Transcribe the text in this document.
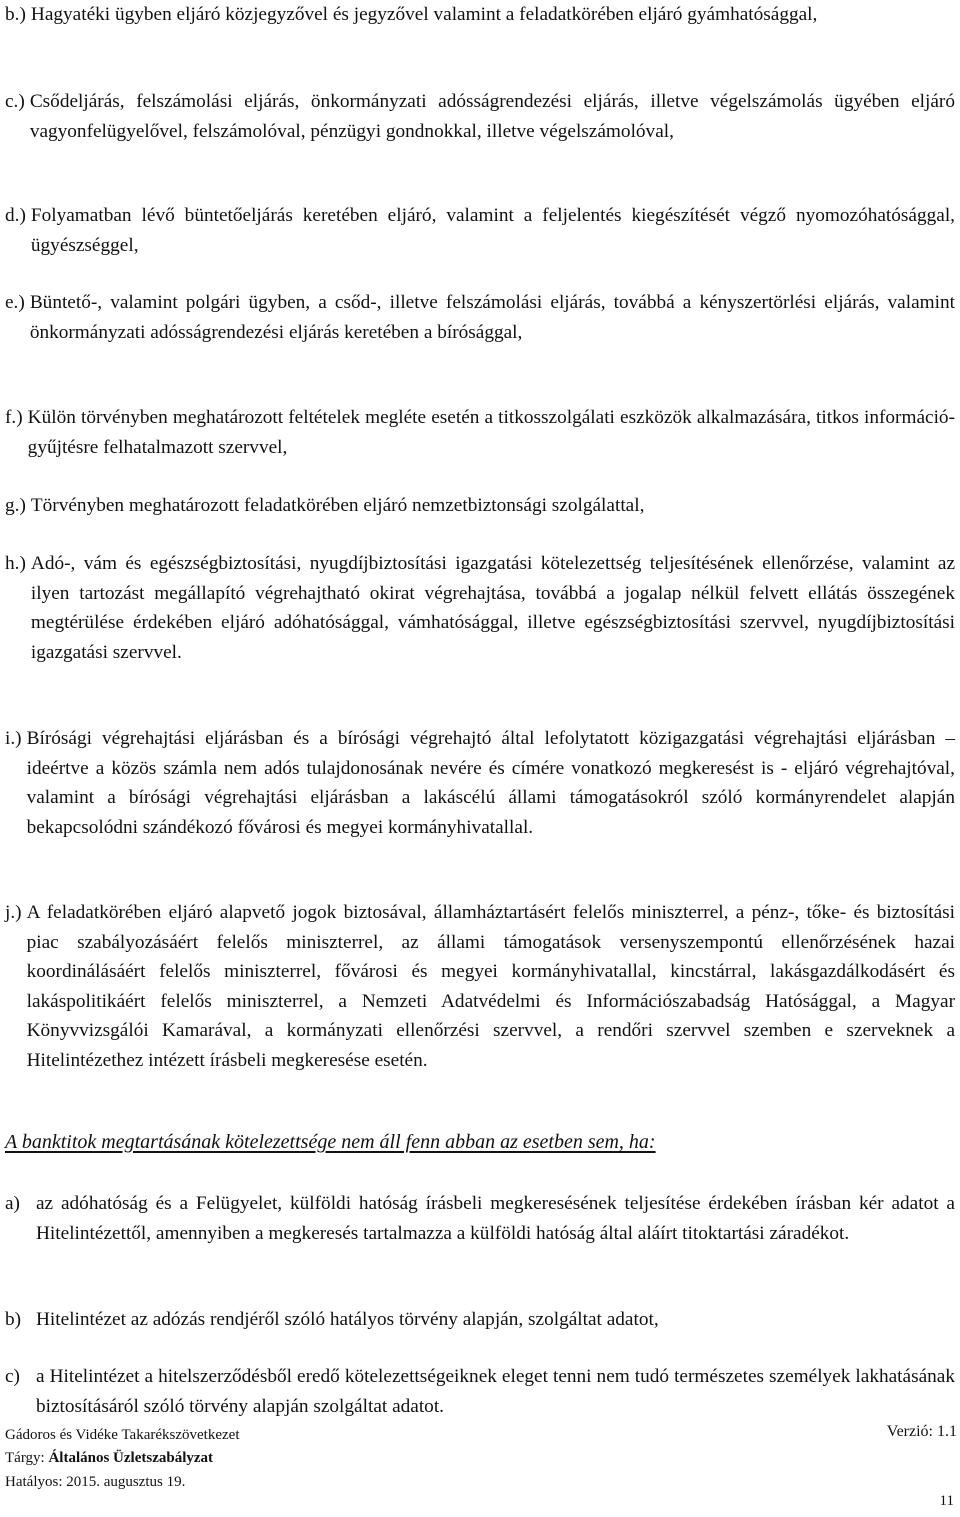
b.) Hagyatéki ügyben eljáró közjegyzővel és jegyzővel valamint a feladatkörében eljáró gyámhatósággal,
c.) Csődeljárás, felszámolási eljárás, önkormányzati adósságrendezési eljárás, illetve végelszámolás ügyében eljáró vagyonfelügyelővel, felszámolóval, pénzügyi gondnokkal, illetve végelszámolóval,
d.) Folyamatban lévő büntetőeljárás keretében eljáró, valamint a feljelentés kiegészítését végző nyomozóhatósággal, ügyészséggel,
e.) Büntető-, valamint polgári ügyben, a csőd-, illetve felszámolási eljárás, továbbá a kényszertörlési eljárás, valamint önkormányzati adósságrendezési eljárás keretében a bírósággal,
f.) Külön törvényben meghatározott feltételek megléte esetén a titkosszolgálati eszközök alkalmazására, titkos információ-gyűjtésre felhatalmazott szervvel,
g.) Törvényben meghatározott feladatkörében eljáró nemzetbiztonsági szolgálattal,
h.) Adó-, vám és egészségbiztosítási, nyugdíjbiztosítási igazgatási kötelezettség teljesítésének ellenőrzése, valamint az ilyen tartozást megállapító végrehajtható okirat végrehajtása, továbbá a jogalap nélkül felvett ellátás összegének megtérülése érdekében eljáró adóhatósággal, vámhatósággal, illetve egészségbiztosítási szervvel, nyugdíjbiztosítási igazgatási szervvel.
i.) Bírósági végrehajtási eljárásban és a bírósági végrehajtó által lefolytatott közigazgatási végrehajtási eljárásban – ideértve a közös számla nem adós tulajdonosának nevére és címére vonatkozó megkeresést is - eljáró végrehajtóval, valamint a bírósági végrehajtási eljárásban a lakáscélú állami támogatásokról szóló kormányrendelet alapján bekapcsolódni szándékozó fővárosi és megyei kormányhivatallal.
j.) A feladatkörében eljáró alapvető jogok biztosával, államháztartásért felelős miniszterrel, a pénz-, tőke- és biztosítási piac szabályozásáért felelős miniszterrel, az állami támogatások versenyszempontú ellenőrzésének hazai koordinálásáért felelős miniszterrel, fővárosi és megyei kormányhivatallal, kincstárral, lakásgazdálkodásért és lakáspolitikáért felelős miniszterrel, a Nemzeti Adatvédelmi és Információszabadság Hatósággal, a Magyar Könyvvizsgálói Kamarával, a kormányzati ellenőrzési szervvel, a rendőri szervvel szemben e szerveknek a Hitelintézethez intézett írásbeli megkeresése esetén.
A banktitok megtartásának kötelezettsége nem áll fenn abban az esetben sem, ha:
a) az adóhatóság és a Felügyelet, külföldi hatóság írásbeli megkeresésének teljesítése érdekében írásban kér adatot a Hitelintézettől, amennyiben a megkeresés tartalmazza a külföldi hatóság által aláírt titoktartási záradékot.
b) Hitelintézet az adózás rendjéről szóló hatályos törvény alapján, szolgáltat adatot,
c) a Hitelintézet a hitelszerződésből eredő kötelezettségeiknek eleget tenni nem tudó természetes személyek lakhatásának biztosításáról szóló törvény alapján szolgáltat adatot.
Gádoros és Vidéke Takarékszövetkezet
Tárgy: Általános Üzletszabályzat
Hatályos: 2015. augusztus 19.
Verzió: 1.1
11
